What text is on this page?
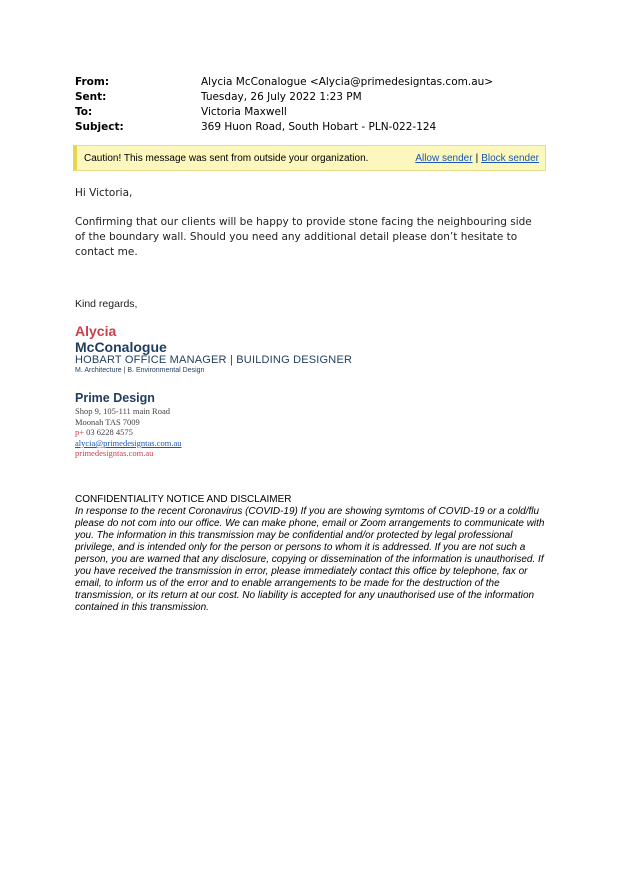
From:	Alycia McConalogue <Alycia@primedesigntas.com.au>
Sent:	Tuesday, 26 July 2022 1:23 PM
To:	Victoria Maxwell
Subject:	369 Huon Road, South Hobart - PLN-022-124
Caution! This message was sent from outside your organization.	Allow sender | Block sender
Hi Victoria,
Confirming that our clients will be happy to provide stone facing the neighbouring side of the boundary wall. Should you need any additional detail please don’t hesitate to contact me.
Kind regards,
Alycia
McConalogue
HOBART OFFICE MANAGER | BUILDING DESIGNER
M. Architecture | B. Environmental Design
Prime Design
Shop 9, 105-111 main Road
Moonah TAS 7009
p+ 03 6228 4575
alycia@primedesigntas.com.au
primedesigntas.com.au
CONFIDENTIALITY NOTICE AND DISCLAIMER
In response to the recent Coronavirus (COVID-19) If you are showing symtoms of COVID-19 or a cold/flu please do not com into our office. We can make phone, email or Zoom arrangements to communicate with you. The information in this transmission may be confidential and/or protected by legal professional privilege, and is intended only for the person or persons to whom it is addressed. If you are not such a person, you are warned that any disclosure, copying or dissemination of the information is unauthorised. If you have received the transmission in error, please immediately contact this office by telephone, fax or email, to inform us of the error and to enable arrangements to be made for the destruction of the transmission, or its return at our cost. No liability is accepted for any unauthorised use of the information contained in this transmission.
